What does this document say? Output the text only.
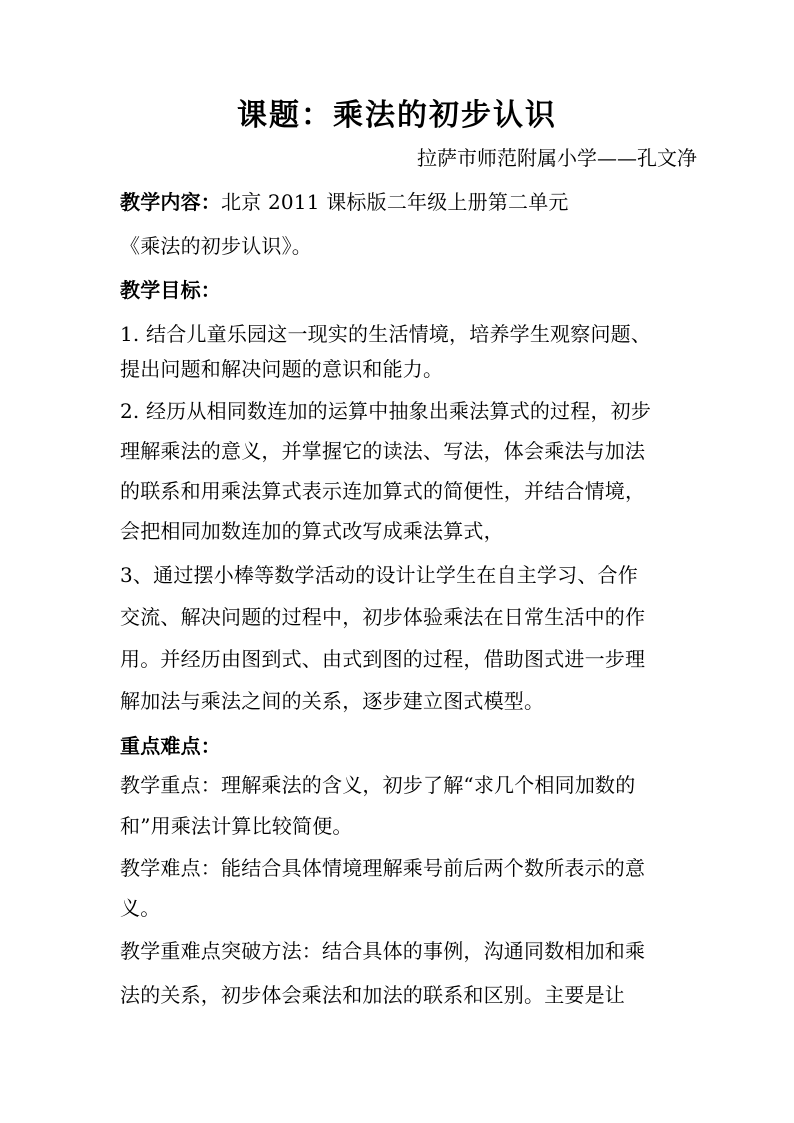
课题：乘法的初步认识
拉萨市师范附属小学——孔文净
教学内容：北京 2011 课标版二年级上册第二单元
《乘法的初步认识》。
教学目标：
1. 结合儿童乐园这一现实的生活情境，培养学生观察问题、
提出问题和解决问题的意识和能力。
2. 经历从相同数连加的运算中抽象出乘法算式的过程，初步
理解乘法的意义，并掌握它的读法、写法，体会乘法与加法
的联系和用乘法算式表示连加算式的简便性，并结合情境，
会把相同加数连加的算式改写成乘法算式，
3、通过摆小棒等数学活动的设计让学生在自主学习、合作
交流、解决问题的过程中，初步体验乘法在日常生活中的作
用。并经历由图到式、由式到图的过程，借助图式进一步理
解加法与乘法之间的关系，逐步建立图式模型。
重点难点：
教学重点：理解乘法的含义，初步了解“求几个相同加数的
和”用乘法计算比较简便。
教学难点：能结合具体情境理解乘号前后两个数所表示的意
义。
教学重难点突破方法：结合具体的事例，沟通同数相加和乘
法的关系，初步体会乘法和加法的联系和区别。主要是让
